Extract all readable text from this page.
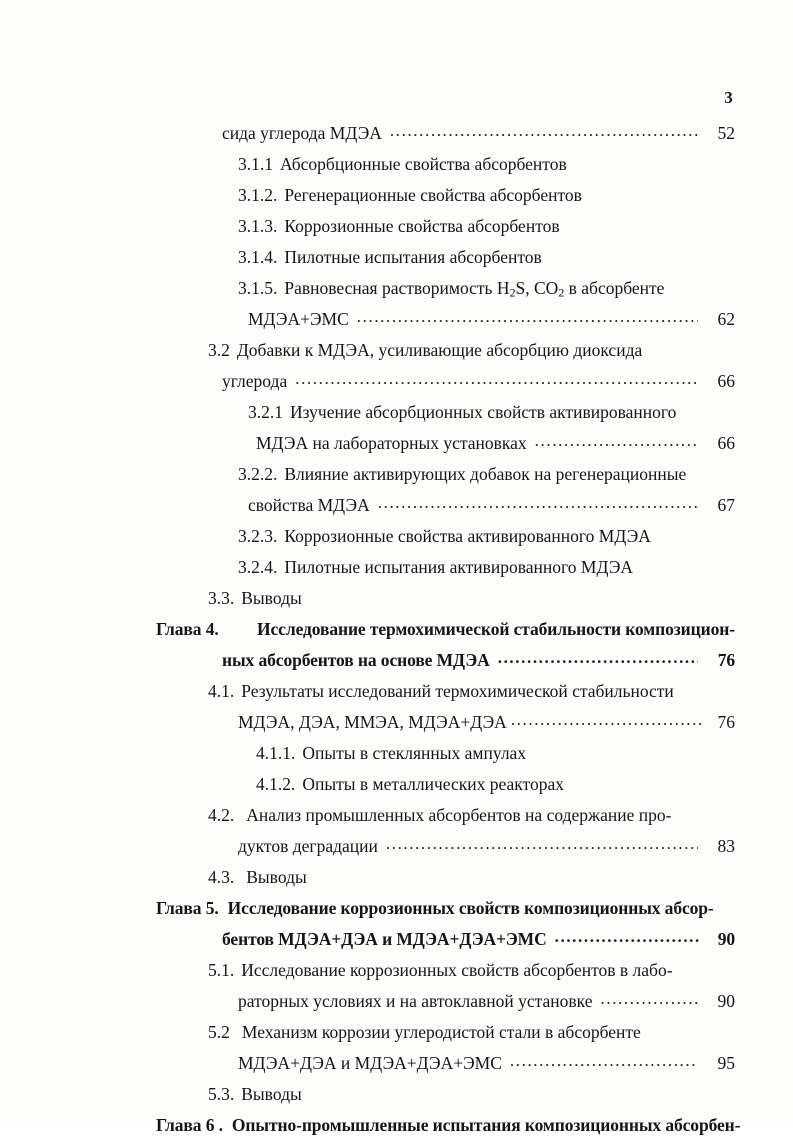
3
сида углерода МДЭА .....	52
3.1.1 Абсорбционные свойства абсорбентов
3.1.2. Регенерационные свойства абсорбентов
3.1.3. Коррозионные свойства абсорбентов
3.1.4. Пилотные испытания абсорбентов
3.1.5. Равновесная растворимость $H_2S$, $CO_2$ в абсорбенте
МДЭА+ЭМС .....	62
3.2 Добавки к МДЭА, усиливающие абсорбцию диоксида
углерода .....	66
3.2.1 Изучение абсорбционных свойств активированного
МДЭА на лабораторных установках .....	66
3.2.2. Влияние активирующих добавок на регенерационные
свойства МДЭА .....	67
3.2.3. Коррозионные свойства активированного МДЭА
3.2.4. Пилотные испытания активированного МДЭА
3.3. Выводы
Глава 4.	Исследование термохимической стабильности композицион-
ных абсорбентов на основе МДЭА .....	76
4.1. Результаты исследований термохимической стабильности
МДЭА, ДЭА, ММЭА, МДЭА+ДЭА .....	76
4.1.1. Опыты в стеклянных ампулах
4.1.2. Опыты в металлических реакторах
4.2. Анализ промышленных абсорбентов на содержание про-
дуктов деградации .....	83
4.3. Выводы
Глава 5. Исследование коррозионных свойств композиционных абсор-
бентов МДЭА+ДЭА и МДЭА+ДЭА+ЭМС .....	90
5.1. Исследование коррозионных свойств абсорбентов в лабо-
раторных условиях и на автоклавной установке .....	90
5.2 Механизм коррозии углеродистой стали в абсорбенте
МДЭА+ДЭА и МДЭА+ДЭА+ЭМС .....	95
5.3. Выводы
Глава 6 . Опытно-промышленные испытания композиционных абсорбен-
